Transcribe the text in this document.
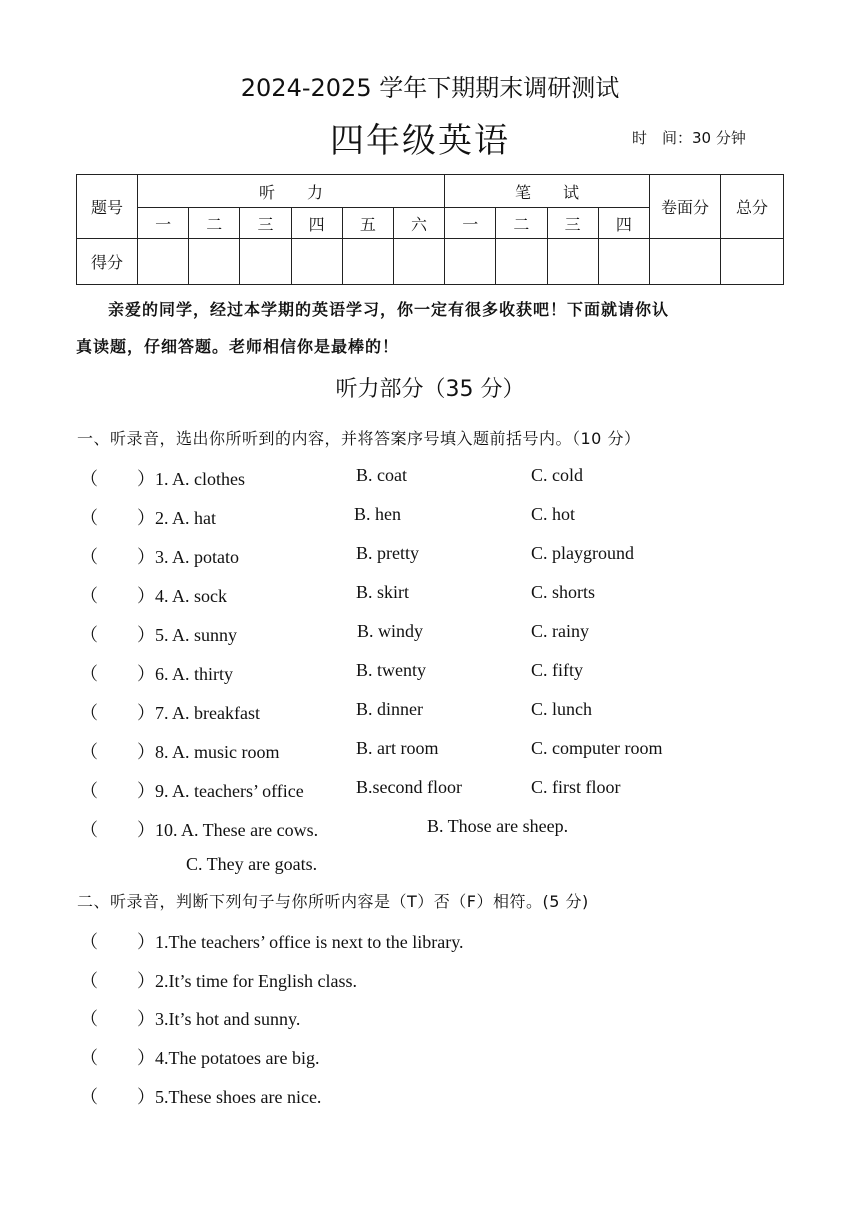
2024-2025 学年下期期末调研测试
四年级英语	时　间：30 分钟
题号	听　　力						笔　　试				卷面分	总分
	一	二	三	四	五	六	一	二	三	四		
得分												
亲爱的同学，经过本学期的英语学习，你一定有很多收获吧！下面就请你认
真读题，仔细答题。老师相信你是最棒的！
听力部分（35 分）
一、听录音，选出你所听到的内容，并将答案序号填入题前括号内。（10 分）
（ ）1. A. clothes	B. coat	C. cold
（ ）2. A. hat	B. hen	C. hot
（ ）3. A. potato	B. pretty	C. playground
（ ）4. A. sock	B. skirt	C. shorts
（ ）5. A. sunny	B. windy	C. rainy
（ ）6. A. thirty	B. twenty	C. fifty
（ ）7. A. breakfast	B. dinner	C. lunch
（ ）8. A. music room	B. art room	C. computer room
（ ）9. A. teachers’ office	B.second floor	C. first floor
（ ）10. A. These are cows.	B. Those are sheep.
C. They are goats.
二、听录音，判断下列句子与你所听内容是（T）否（F）相符。(5 分)
（ ）1.The teachers’ office is next to the library.
（ ）2.It’s time for English class.
（ ）3.It’s hot and sunny.
（ ）4.The potatoes are big.
（ ）5.These shoes are nice.
